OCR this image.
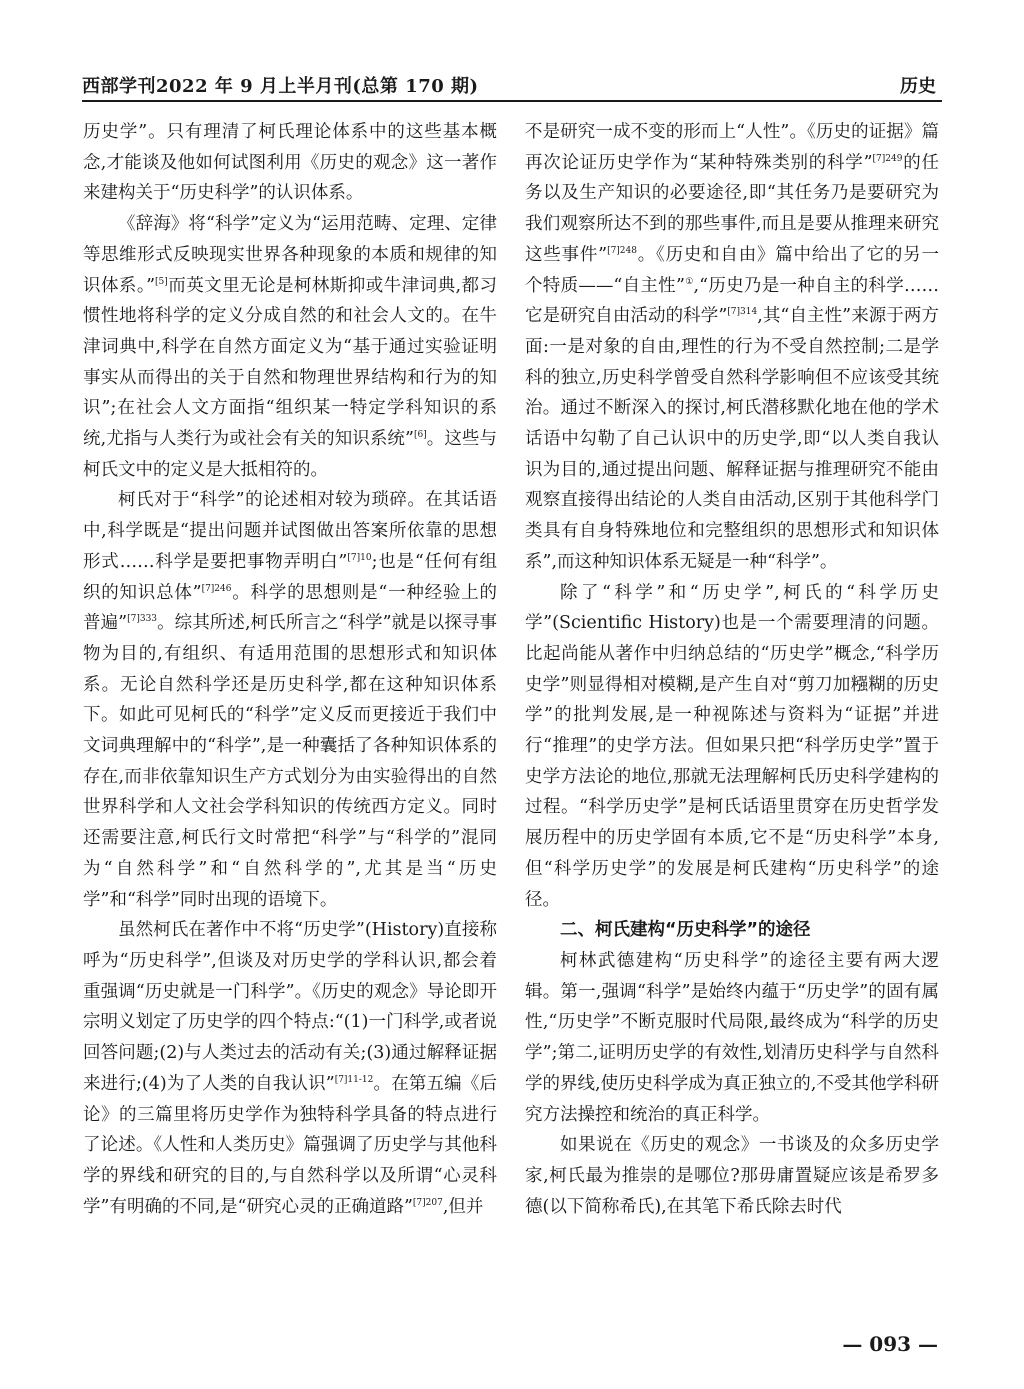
西部学刊2022 年 9 月上半月刊(总第 170 期)	历史

历史学”。只有理清了柯氏理论体系中的这些基本概念,才能谈及他如何试图利用《历史的观念》这一著作来建构关于“历史科学”的认识体系。

《辞海》将“科学”定义为“运用范畴、定理、定律等思维形式反映现实世界各种现象的本质和规律的知识体系。”[5]而英文里无论是柯林斯抑或牛津词典,都习惯性地将科学的定义分成自然的和社会人文的。在牛津词典中,科学在自然方面定义为“基于通过实验证明事实从而得出的关于自然和物理世界结构和行为的知识”;在社会人文方面指“组织某一特定学科知识的系统,尤指与人类行为或社会有关的知识系统”[6]。这些与柯氏文中的定义是大抵相符的。

柯氏对于“科学”的论述相对较为琐碎。在其话语中,科学既是“提出问题并试图做出答案所依靠的思想形式……科学是要把事物弄明白”$^{[7]10}$;也是“任何有组织的知识总体”$^{[7]246}$。科学的思想则是“一种经验上的普遍”$^{[7]333}$。综其所述,柯氏所言之“科学”就是以探寻事物为目的,有组织、有适用范围的思想形式和知识体系。无论自然科学还是历史科学,都在这种知识体系下。如此可见柯氏的“科学”定义反而更接近于我们中文词典理解中的“科学”,是一种囊括了各种知识体系的存在,而非依靠知识生产方式划分为由实验得出的自然世界科学和人文社会学科知识的传统西方定义。同时还需要注意,柯氏行文时常把“科学”与“科学的”混同为“自然科学”和“自然科学的”,尤其是当“历史学”和“科学”同时出现的语境下。

虽然柯氏在著作中不将“历史学”(History)直接称呼为“历史科学”,但谈及对历史学的学科认识,都会着重强调“历史就是一门科学”。《历史的观念》导论即开宗明义划定了历史学的四个特点:“(1)一门科学,或者说回答问题;(2)与人类过去的活动有关;(3)通过解释证据来进行;(4)为了人类的自我认识”$^{[7]11-12}$。在第五编《后论》的三篇里将历史学作为独特科学具备的特点进行了论述。《人性和人类历史》篇强调了历史学与其他科学的界线和研究的目的,与自然科学以及所谓“心灵科学”有明确的不同,是“研究心灵的正确道路”$^{[7]207}$,但并

不是研究一成不变的形而上“人性”。《历史的证据》篇再次论证历史学作为“某种特殊类别的科学”$^{[7]249}$的任务以及生产知识的必要途径,即“其任务乃是要研究为我们观察所达不到的那些事件,而且是要从推理来研究这些事件”$^{[7]248}$。《历史和自由》篇中给出了它的另一个特质——“自主性”①,“历史乃是一种自主的科学……它是研究自由活动的科学”$^{[7]314}$,其“自主性”来源于两方面:一是对象的自由,理性的行为不受自然控制;二是学科的独立,历史科学曾受自然科学影响但不应该受其统治。通过不断深入的探讨,柯氏潜移默化地在他的学术话语中勾勒了自己认识中的历史学,即“以人类自我认识为目的,通过提出问题、解释证据与推理研究不能由观察直接得出结论的人类自由活动,区别于其他科学门类具有自身特殊地位和完整组织的思想形式和知识体系”,而这种知识体系无疑是一种“科学”。

除了“科学”和“历史学”,柯氏的“科学历史学”(Scientific History)也是一个需要理清的问题。比起尚能从著作中归纳总结的“历史学”概念,“科学历史学”则显得相对模糊,是产生自对“剪刀加糨糊的历史学”的批判发展,是一种视陈述与资料为“证据”并进行“推理”的史学方法。但如果只把“科学历史学”置于史学方法论的地位,那就无法理解柯氏历史科学建构的过程。“科学历史学”是柯氏话语里贯穿在历史哲学发展历程中的历史学固有本质,它不是“历史科学”本身,但“科学历史学”的发展是柯氏建构“历史科学”的途径。

二、柯氏建构“历史科学”的途径

柯林武德建构“历史科学”的途径主要有两大逻辑。第一,强调“科学”是始终内蕴于“历史学”的固有属性,“历史学”不断克服时代局限,最终成为“科学的历史学”;第二,证明历史学的有效性,划清历史科学与自然科学的界线,使历史科学成为真正独立的,不受其他学科研究方法操控和统治的真正科学。

如果说在《历史的观念》一书谈及的众多历史学家,柯氏最为推崇的是哪位?那毋庸置疑应该是希罗多德(以下简称希氏),在其笔下希氏除去时代

— 093 —
